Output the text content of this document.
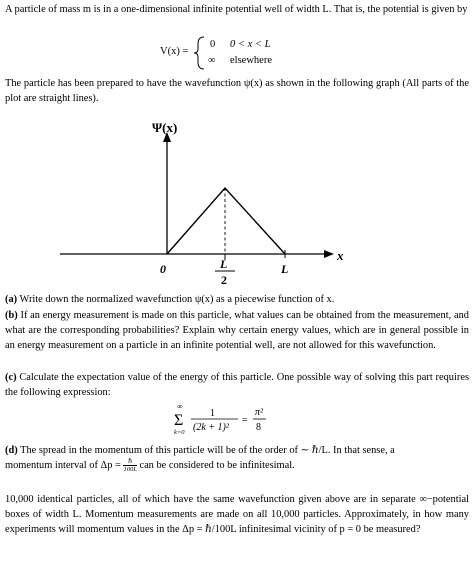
A particle of mass m is in a one-dimensional infinite potential well of width L. That is, the potential is given by
V(x) =
0 0 < x < L
∞ elsewhere
The particle has been prepared to have the wavefunction ψ(x) as shown in the following graph (All parts of the plot are straight lines).
Ψ(x)
x
0	L
2
L
(a) Write down the normalized wavefunction ψ(x) as a piecewise function of x.
(b) If an energy measurement is made on this particle, what values can be obtained from the measurement, and what are the corresponding probabilities? Explain why certain energy values, which are in general possible in an energy measurement on a particle in an infinite potential well, are not allowed for this wavefunction.
(c) Calculate the expectation value of the energy of this particle. One possible way of solving this part requires the following expression:
∞
Σ
k=0
1
(2k + 1)²
=
π²
8
(d) The spread in the momentum of this particle will be of the order of ∼ ℏ/L. In that sense, a
momentum interval of Δp =	ℏ
100L can be considered to be infinitesimal.
10,000 identical particles, all of which have the same wavefunction given above are in separate ∞−potential boxes of width L. Momentum measurements are made on all 10,000 particles. Approximately, in how many experiments will momentum values in the Δp = ℏ/100L infinitesimal vicinity of p = 0 be measured?
